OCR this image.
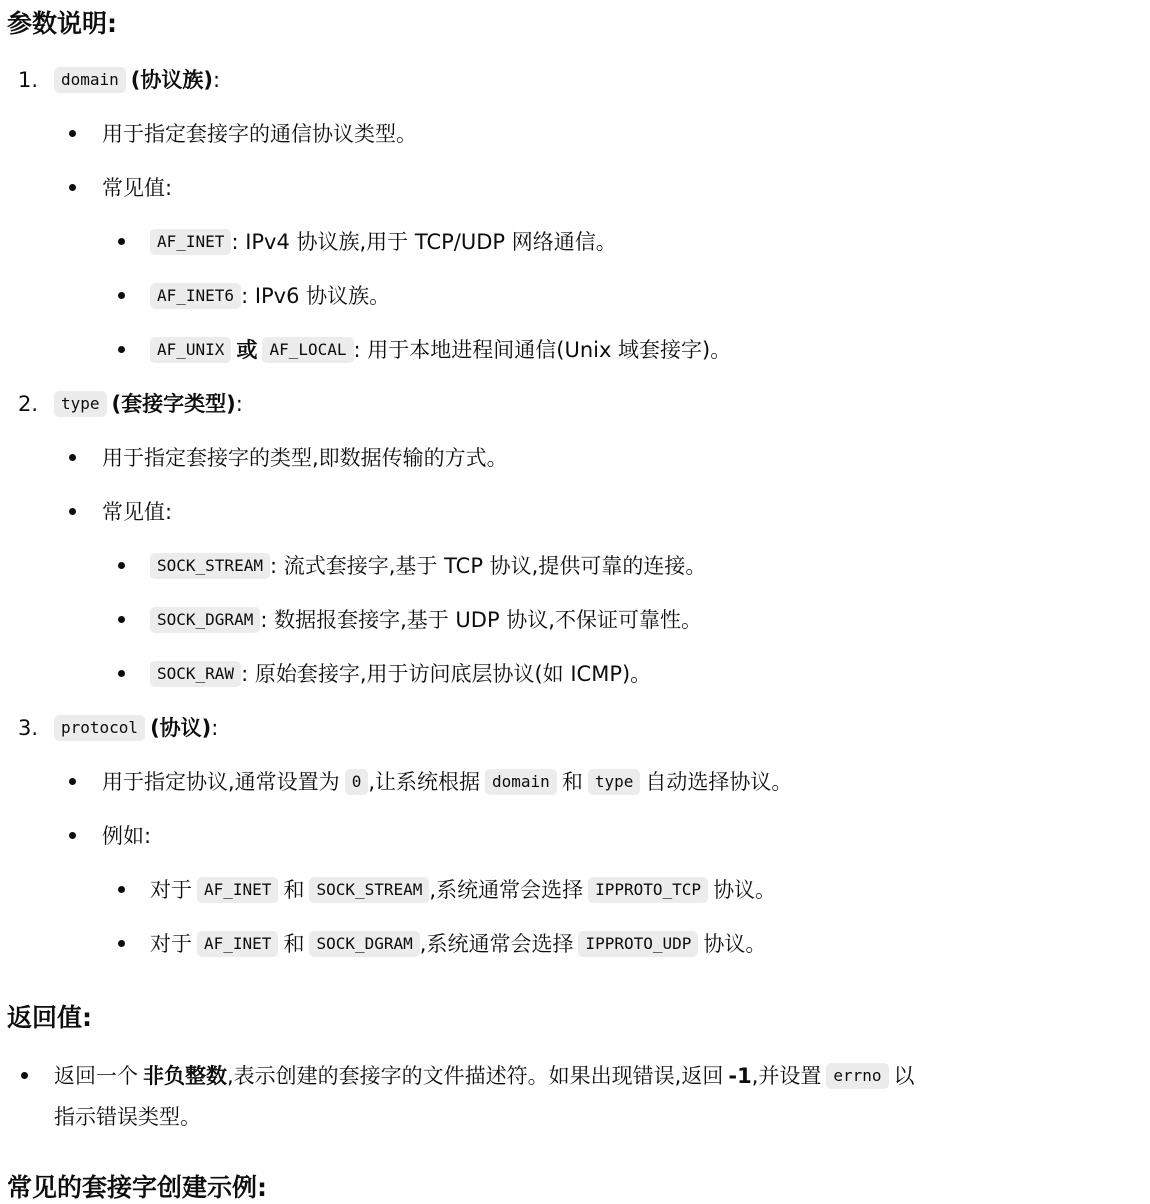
参数说明:
1.	domain (协议族) :
用于指定套接字的通信协议类型。
常见值:
AF_INET : IPv4 协议族,用于 TCP/UDP 网络通信。
AF_INET6 : IPv6 协议族。
AF_UNIX 或 AF_LOCAL : 用于本地进程间通信(Unix 域套接字)。
2.	type (套接字类型) :
用于指定套接字的类型,即数据传输的方式。
常见值:
SOCK_STREAM : 流式套接字,基于 TCP 协议,提供可靠的连接。
SOCK_DGRAM : 数据报套接字,基于 UDP 协议,不保证可靠性。
SOCK_RAW : 原始套接字,用于访问底层协议(如 ICMP)。
3.	protocol (协议) :
用于指定协议,通常设置为 0 ,让系统根据 domain 和 type 自动选择协议。
例如:
对于 AF_INET 和 SOCK_STREAM ,系统通常会选择 IPPROTO_TCP 协议。
对于 AF_INET 和 SOCK_DGRAM ,系统通常会选择 IPPROTO_UDP 协议。
返回值:
返回一个 非负整数 ,表示创建的套接字的文件描述符。如果出现错误,返回 -1 ,并设置 errno 以
指示错误类型。
常见的套接字创建示例:
